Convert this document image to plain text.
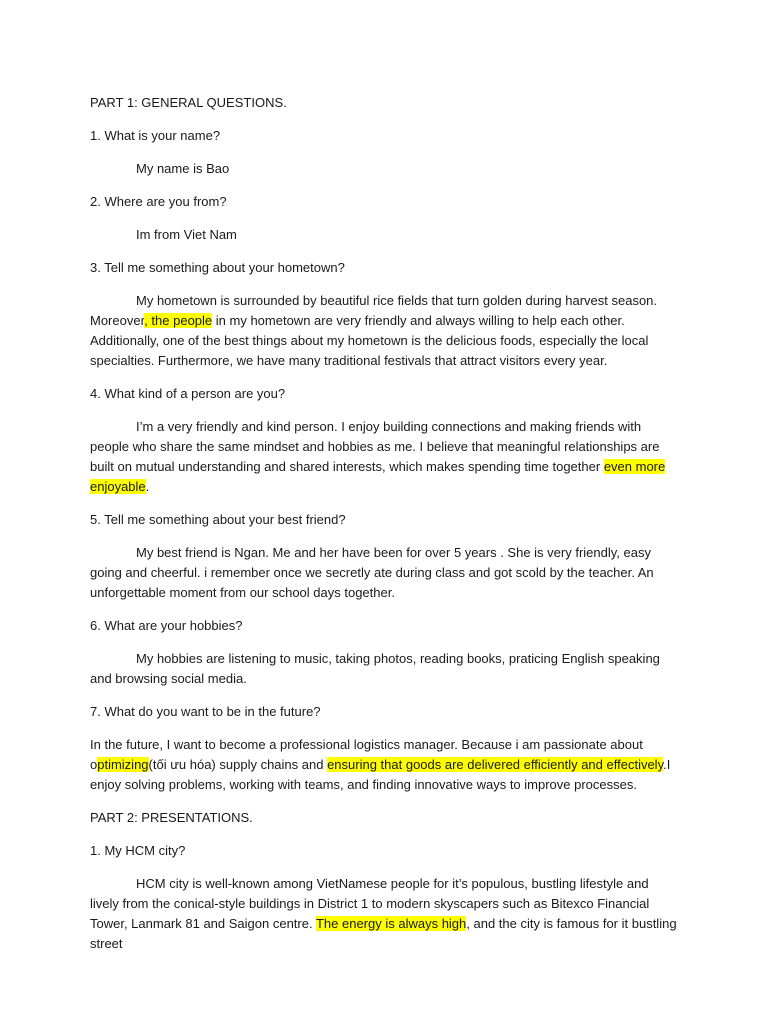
PART 1: GENERAL QUESTIONS.

1. What is your name?

My name is Bao

2. Where are you from?

Im from Viet Nam

3. Tell me something about your hometown?

My hometown is surrounded by beautiful rice fields that turn golden during harvest season. Moreover, the people in my hometown are very friendly and always willing to help each other. Additionally, one of the best things about my hometown is the delicious foods, especially the local specialties. Furthermore, we have many traditional festivals that attract visitors every year.

4. What kind of a person are you?

I’m a very friendly and kind person. I enjoy building connections and making friends with people who share the same mindset and hobbies as me. I believe that meaningful relationships are built on mutual understanding and shared interests, which makes spending time together even more enjoyable.

5. Tell me something about your best friend?

My best friend is Ngan. Me and her have been for over 5 years . She is very friendly, easy going and cheerful. i remember once we secretly ate during class and got scold by the teacher. An unforgettable moment from our school days together.

6. What are your hobbies?

My hobbies are listening to music, taking photos, reading books, praticing English speaking and browsing social media.

7. What do you want to be in the future?

In the future, I want to become a professional logistics manager. Because i am passionate about optimizing(tối ưu hóa) supply chains and ensuring that goods are delivered efficiently and effectively.I enjoy solving problems, working with teams, and finding innovative ways to improve processes.

PART 2: PRESENTATIONS.

1. My HCM city?

HCM city is well-known among VietNamese people for it’s populous, bustling lifestyle and lively from the conical-style buildings in District 1 to modern skyscapers such as Bitexco Financial Tower, Lanmark 81 and Saigon centre. The energy is always high, and the city is famous for it bustling street
